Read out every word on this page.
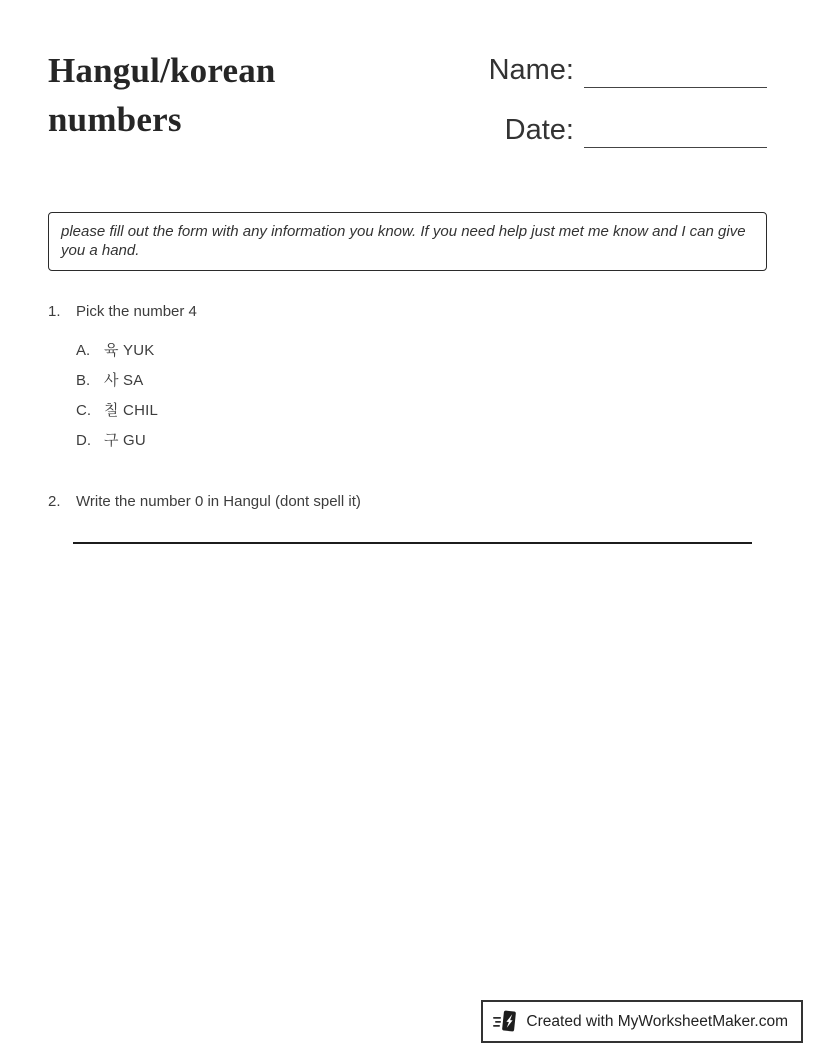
Hangul/korean numbers
Name:
Date:

please fill out the form with any information you know. If you need help just met me know and I can give you a hand.

1.	Pick the number 4
A. 육 YUK
B. 사 SA
C. 칠 CHIL
D. 구 GU
2.	Write the number 0 in Hangul (dont spell it)
Created with MyWorksheetMaker.com
